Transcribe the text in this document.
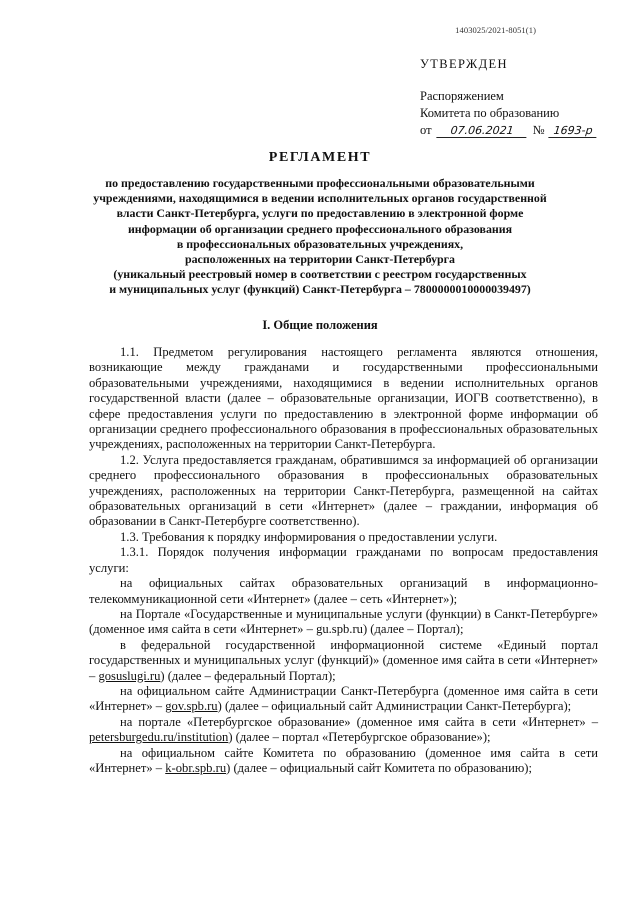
1403025/2021-8051(1)
УТВЕРЖДЕН
Распоряжением
Комитета по образованию
от	07.06.2021	№ 1693-р
РЕГЛАМЕНТ
по предоставлению государственными профессиональными образовательными
учреждениями, находящимися в ведении исполнительных органов государственной
власти Санкт-Петербурга, услуги по предоставлению в электронной форме
информации об организации среднего профессионального образования
в профессиональных образовательных учреждениях,
расположенных на территории Санкт-Петербурга
(уникальный реестровый номер в соответствии с реестром государственных
и муниципальных услуг (функций) Санкт-Петербурга – 7800000010000039497)
I. Общие положения

1.1. Предметом регулирования настоящего регламента являются отношения, возникающие между гражданами и государственными профессиональными образовательными учреждениями, находящимися в ведении исполнительных органов государственной власти (далее – образовательные организации, ИОГВ соответственно), в сфере предоставления услуги по предоставлению в электронной форме информации об организации среднего профессионального образования в профессиональных образовательных учреждениях, расположенных на территории Санкт-Петербурга.

1.2. Услуга предоставляется гражданам, обратившимся за информацией об организации среднего профессионального образования в профессиональных образовательных учреждениях, расположенных на территории Санкт-Петербурга, размещенной на сайтах образовательных организаций в сети «Интернет» (далее – граждании, информация об образовании в Санкт-Петербурге соответственно).

1.3. Требования к порядку информирования о предоставлении услуги.

1.3.1. Порядок получения информации гражданами по вопросам предоставления услуги:

на официальных сайтах образовательных организаций в информационно-телекоммуникационной сети «Интернет» (далее – сеть «Интернет»);

на Портале «Государственные и муниципальные услуги (функции) в Санкт-Петербурге» (доменное имя сайта в сети «Интернет» – gu.spb.ru) (далее – Портал);

в федеральной государственной информационной системе «Единый портал государственных и муниципальных услуг (функций)» (доменное имя сайта в сети «Интернет» – gosuslugi.ru) (далее – федеральный Портал);

на официальном сайте Администрации Санкт-Петербурга (доменное имя сайта в сети «Интернет» – gov.spb.ru) (далее – официальный сайт Администрации Санкт-Петербурга);

на портале «Петербургское образование» (доменное имя сайта в сети «Интернет» – petersburgedu.ru/institution) (далее – портал «Петербургское образование»);

на официальном сайте Комитета по образованию (доменное имя сайта в сети «Интернет» – k-obr.spb.ru) (далее – официальный сайт Комитета по образованию);
